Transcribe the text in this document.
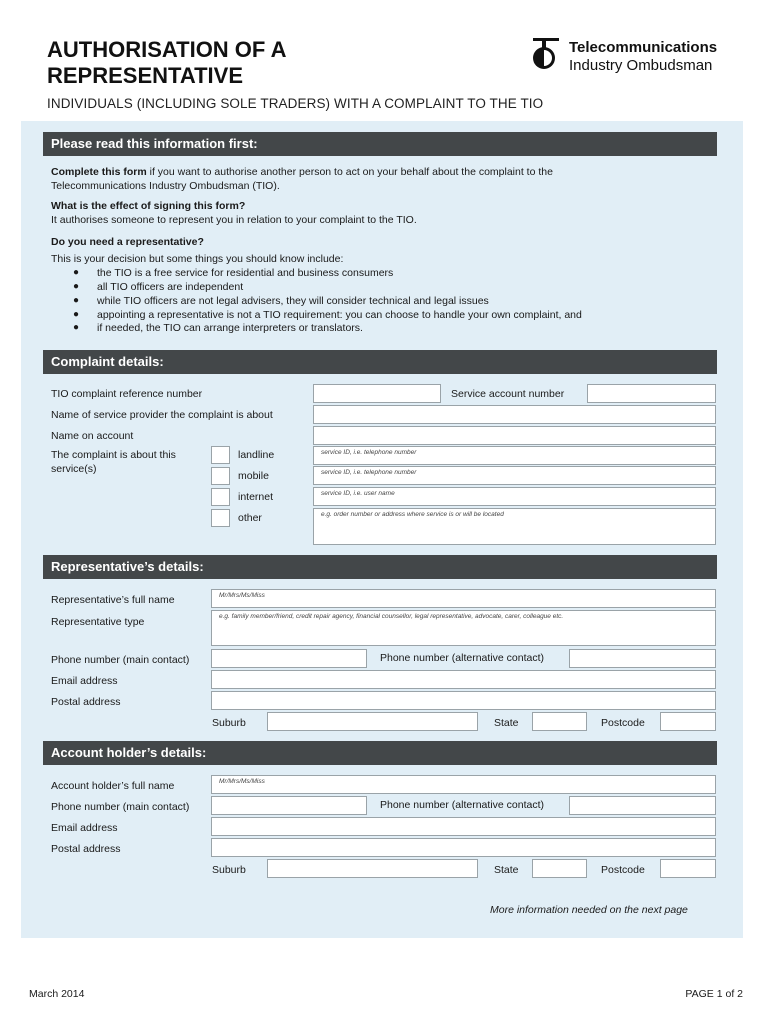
AUTHORISATION OF A REPRESENTATIVE
INDIVIDUALS (INCLUDING SOLE TRADERS) WITH A COMPLAINT TO THE TIO
Telecommunications
Industry Ombudsman
Please read this information first:
Complete this form if you want to authorise another person to act on your behalf about the complaint to the
Telecommunications Industry Ombudsman (TIO).
What is the effect of signing this form?
It authorises someone to represent you in relation to your complaint to the TIO.
Do you need a representative?
This is your decision but some things you should know include:
● the TIO is a free service for residential and business consumers
● all TIO officers are independent
● while TIO officers are not legal advisers, they will consider technical and legal issues
● appointing a representative is not a TIO requirement: you can choose to handle your own complaint, and
● if needed, the TIO can arrange interpreters or translators.
Complaint details:
TIO complaint reference number	Service account number
Name of service provider the complaint is about
Name on account
The complaint is about this
service(s)
landline	service ID, i.e. telephone number
mobile	service ID, i.e. telephone number
internet	service ID, i.e. user name
other	e.g. order number or address where service is or will be located
Representative’s details:
Representative’s full name	Mr/Mrs/Ms/Miss
Representative type	e.g. family member/friend, credit repair agency, financial counsellor, legal representative, advocate, carer, colleague etc.
Phone number (main contact)	Phone number (alternative contact)
Email address
Postal address
Suburb	State	Postcode
Account holder’s details:
Account holder’s full name	Mr/Mrs/Ms/Miss
Phone number (main contact)	Phone number (alternative contact)
Email address
Postal address
Suburb	State	Postcode
More information needed on the next page
March 2014	PAGE 1 of 2
